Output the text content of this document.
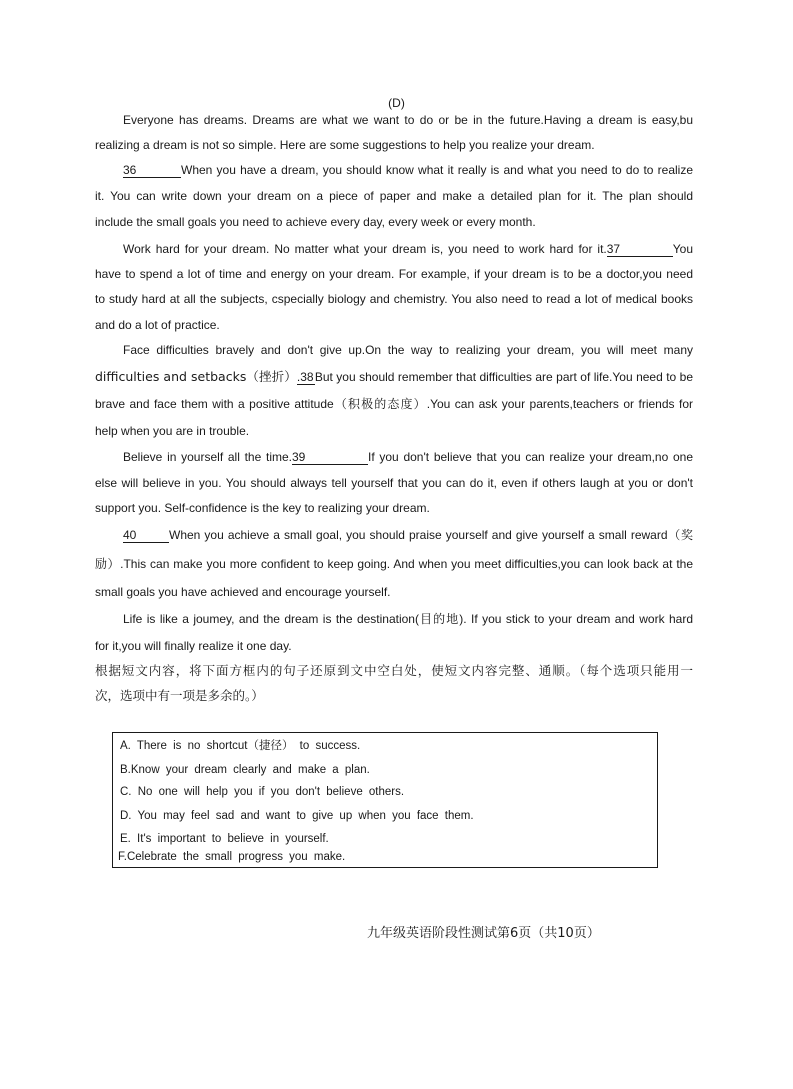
(D)
Everyone has dreams. Dreams are what we want to do or be in the future.Having a dream is easy,bu
realizing a dream is not so simple. Here are some suggestions to help you realize your dream.
36	When you have a dream, you should know what it really is and what you need to do to realize
it. You can write down your dream on a piece of paper and make a detailed plan for it. The plan should
include the small goals you need to achieve every day, every week or every month.
Work hard for your dream. No matter what your dream is, you need to work hard for it.37	You
have to spend a lot of time and energy on your dream. For example, if your dream is to be a doctor,you need
to study hard at all the subjects, cspecially biology and chemistry. You also need to read a lot of medical books
and do a lot of practice.
Face difficulties bravely and don't give up.On the way to realizing your dream, you will meet many
difficulties and setbacks（挫折）.38But you should remember that difficulties are part of life.You need to be
brave and face them with a positive attitude（积极的态度）.You can ask your parents,teachers or friends for
help when you are in trouble.
Believe in yourself all the time.39	If you don't believe that you can realize your dream,no one
else will believe in you. You should always tell yourself that you can do it, even if others laugh at you or don't
support you. Self-confidence is the key to realizing your dream.
40	When you achieve a small goal, you should praise yourself and give yourself a small reward（奖
励）.This can make you more confident to keep going. And when you meet difficulties,you can look back at the
small goals you have achieved and encourage yourself.
Life is like a joumey, and the dream is the destination(目的地). If you stick to your dream and work hard
for it,you will finally realize it one day.
根据短文内容，将下面方框内的句子还原到文中空白处，使短文内容完整、通顺。（每个选项只能用一
次，选项中有一项是多余的。）
A. There is no shortcut（捷径） to success.
B.Know your dream clearly and make a plan.
C. No one will help you if you don't believe others.
D. You may feel sad and want to give up when you face them.
E. It's important to believe in yourself.
F.Celebrate the small progress you make.
九年级英语阶段性测试第6页（共10页）
